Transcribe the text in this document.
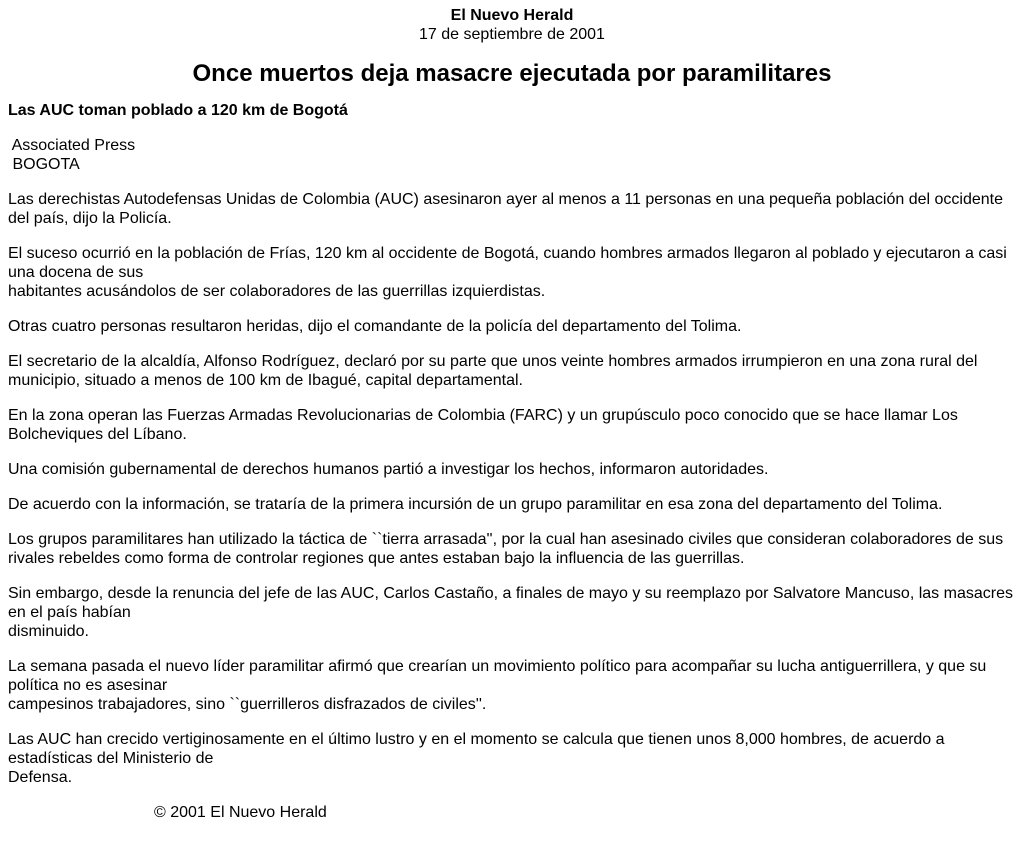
El Nuevo Herald
17 de septiembre de 2001
Once muertos deja masacre ejecutada por paramilitares
Las AUC toman poblado a 120 km de Bogotá
Associated Press
BOGOTA
Las derechistas Autodefensas Unidas de Colombia (AUC) asesinaron ayer al menos a 11 personas en una pequeña población del occidente del país, dijo la Policía.
El suceso ocurrió en la población de Frías, 120 km al occidente de Bogotá, cuando hombres armados llegaron al poblado y ejecutaron a casi una docena de sus
habitantes acusándolos de ser colaboradores de las guerrillas izquierdistas.
Otras cuatro personas resultaron heridas, dijo el comandante de la policía del departamento del Tolima.
El secretario de la alcaldía, Alfonso Rodríguez, declaró por su parte que unos veinte hombres armados irrumpieron en una zona rural del municipio, situado a menos de 100 km de Ibagué, capital departamental.
En la zona operan las Fuerzas Armadas Revolucionarias de Colombia (FARC) y un grupúsculo poco conocido que se hace llamar Los Bolcheviques del Líbano.
Una comisión gubernamental de derechos humanos partió a investigar los hechos, informaron autoridades.
De acuerdo con la información, se trataría de la primera incursión de un grupo paramilitar en esa zona del departamento del Tolima.
Los grupos paramilitares han utilizado la táctica de ``tierra arrasada'', por la cual han asesinado civiles que consideran colaboradores de sus rivales rebeldes como forma de controlar regiones que antes estaban bajo la influencia de las guerrillas.
Sin embargo, desde la renuncia del jefe de las AUC, Carlos Castaño, a finales de mayo y su reemplazo por Salvatore Mancuso, las masacres en el país habían
disminuido.
La semana pasada el nuevo líder paramilitar afirmó que crearían un movimiento político para acompañar su lucha antiguerrillera, y que su política no es asesinar
campesinos trabajadores, sino ``guerrilleros disfrazados de civiles''.
Las AUC han crecido vertiginosamente en el último lustro y en el momento se calcula que tienen unos 8,000 hombres, de acuerdo a estadísticas del Ministerio de
Defensa.
© 2001 El Nuevo Herald
